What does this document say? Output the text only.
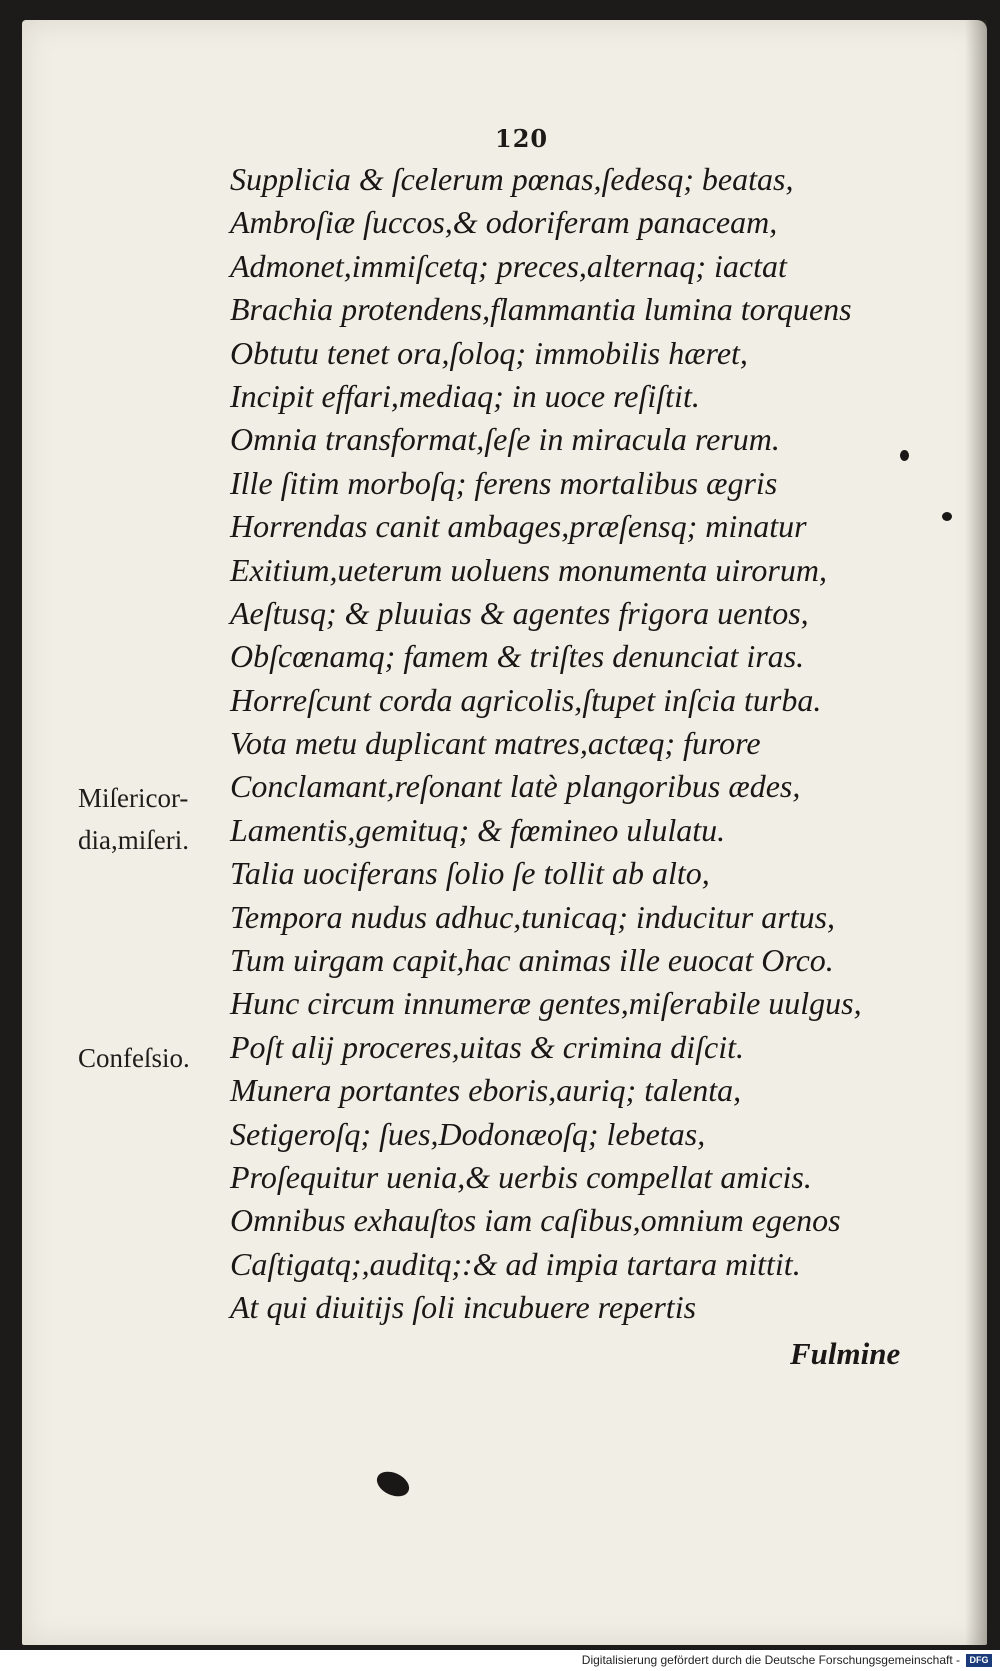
120
Supplicia & ſcelerum pœnas,ſedesq; beatas,
Ambroſiæ ſuccos,& odoriferam panaceam,
Admonet,immiſcetq; preces,alternaq; iactat
Brachia protendens,flammantia lumina torquens
Obtutu tenet ora,ſoloq; immobilis hæret,
Incipit effari,mediaq; in uoce reſiſtit.
Omnia transformat,ſeſe in miracula rerum.
Ille ſitim morboſq; ferens mortalibus ægris
Horrendas canit ambages,præſensq; minatur
Exitium,ueterum uoluens monumenta uirorum,
Aeſtusq; & pluuias & agentes frigora uentos,
Obſcœnamq; famem & triſtes denunciat iras.
Horreſcunt corda agricolis,ſtupet inſcia turba.
Vota metu duplicant matres,actæq; furore
Conclamant,reſonant latè plangoribus ædes,
Lamentis,gemituq; & fœmineo ululatu.
Talia uociferans ſolio ſe tollit ab alto,
Tempora nudus adhuc,tunicaq; inducitur artus,
Tum uirgam capit,hac animas ille euocat Orco.
Hunc circum innumeræ gentes,miſerabile uulgus,
Poſt alij proceres,uitas & crimina diſcit.
Munera portantes eboris,auriq; talenta,
Setigeroſq; ſues,Dodonæoſq; lebetas,
Proſequitur uenia,& uerbis compellat amicis.
Omnibus exhauſtos iam caſibus,omnium egenos
Caſtigatq;,auditq;:& ad impia tartara mittit.
At qui diuitijs ſoli incubuere repertis
Miſericor-
dia,miſeri.
Confeſsio.
Fulmine
Digitalisierung gefördert durch die Deutsche Forschungsgemeinschaft -	DFG
